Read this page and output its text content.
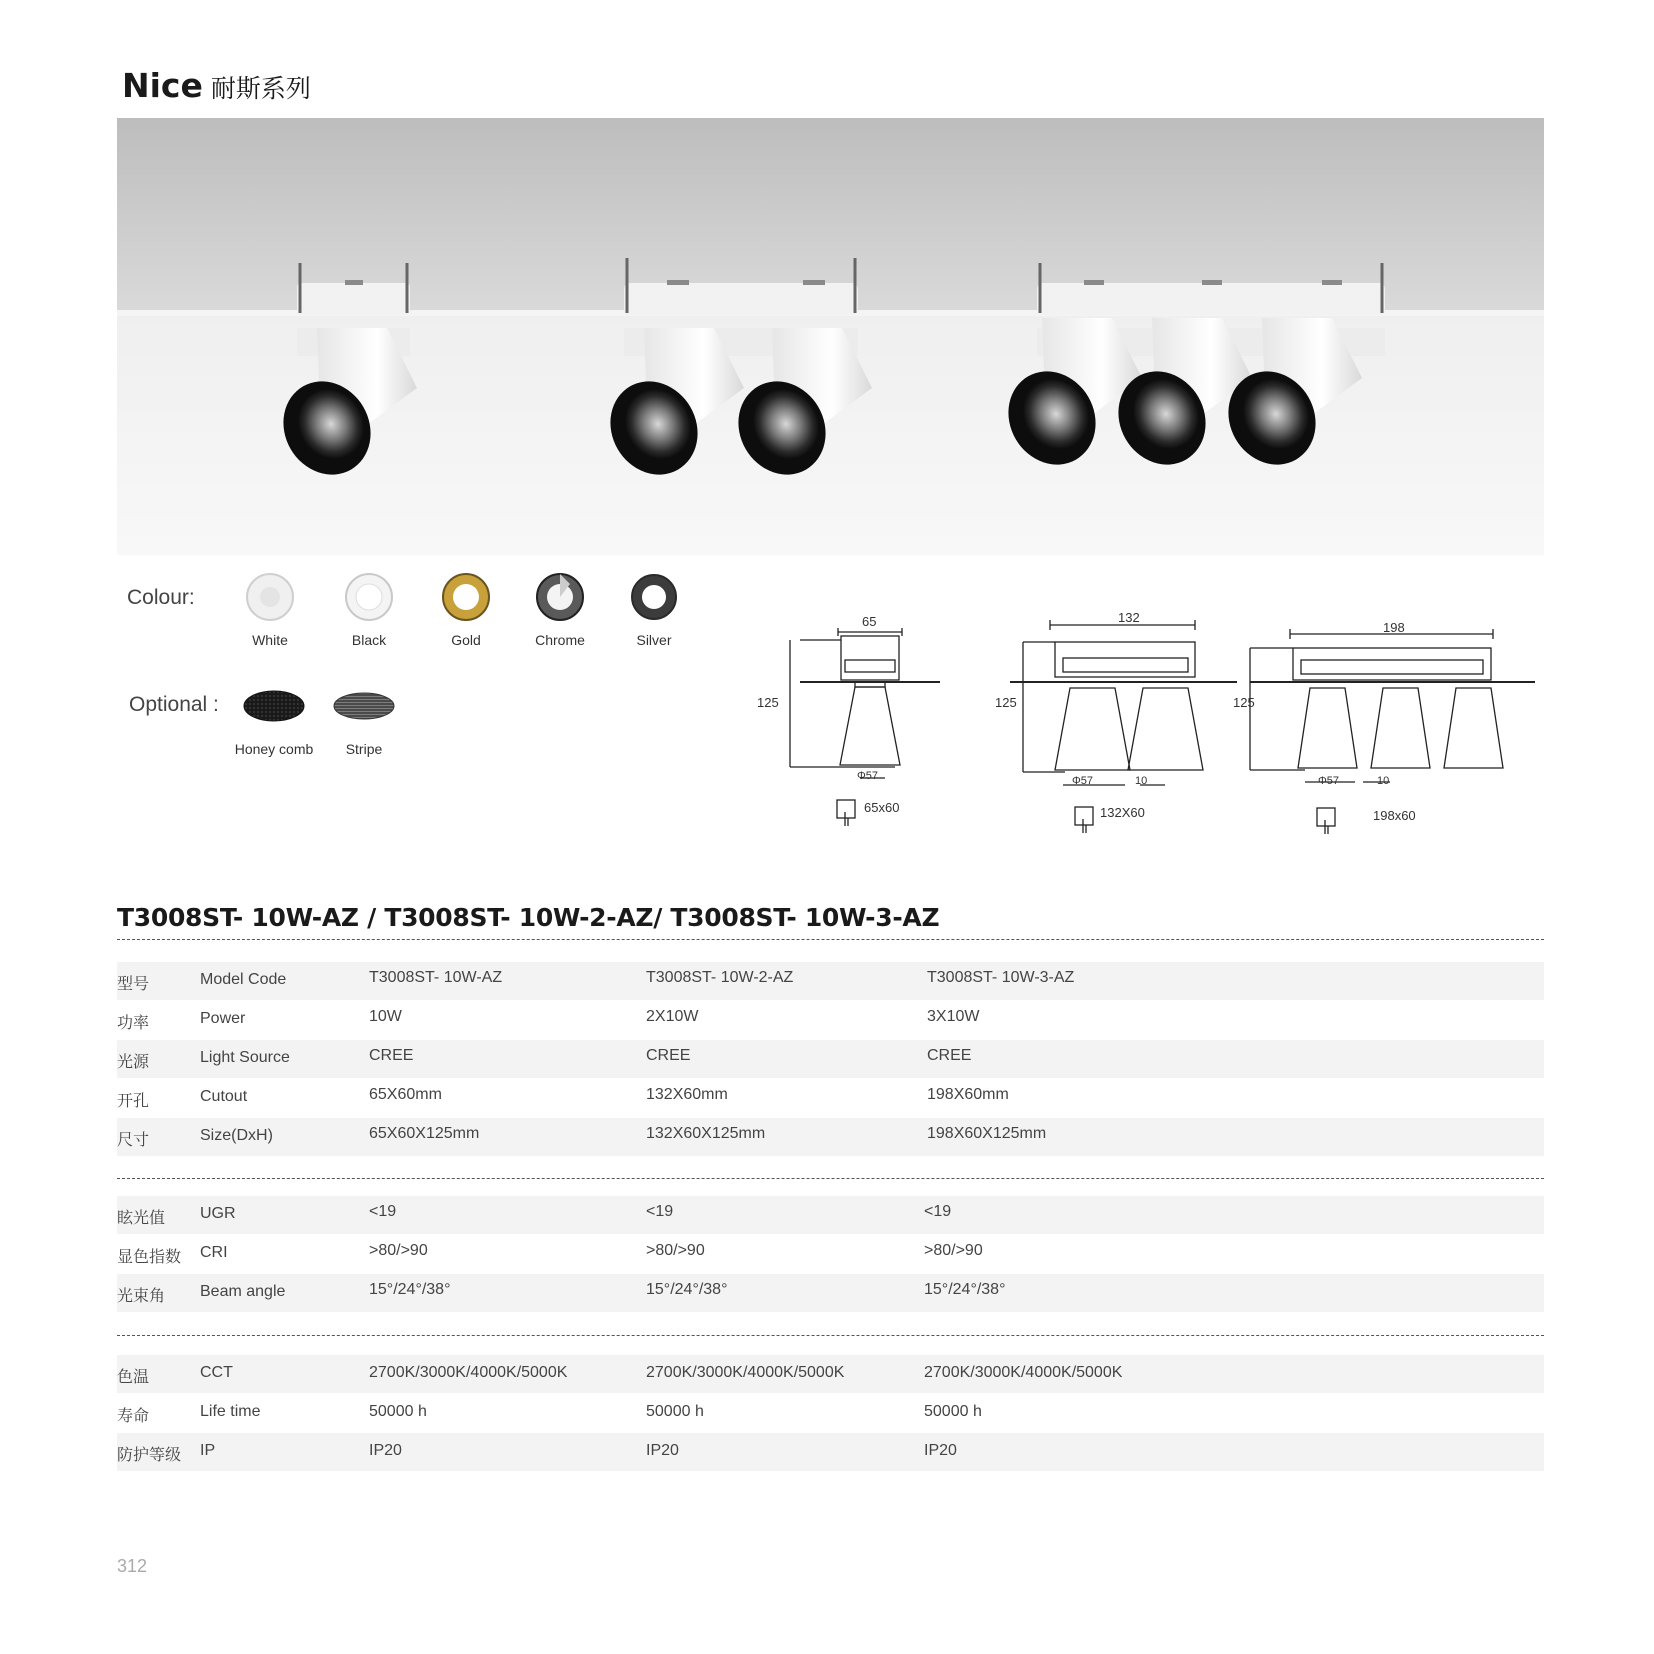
Nice 耐斯系列
Colour:
White	Black	Gold	Chrome	Silver
Optional :
Honey comb	Stripe
65
125
Φ57
65x60
132
125
Φ57	10
132X60
198
125
Φ57	10
198x60
T3008ST- 10W-AZ / T3008ST- 10W-2-AZ/ T3008ST- 10W-3-AZ
型号	Model Code	T3008ST- 10W-AZ	T3008ST- 10W-2-AZ	T3008ST- 10W-3-AZ
功率	Power	10W	2X10W	3X10W
光源	Light Source	CREE	CREE	CREE
开孔	Cutout	65X60mm	132X60mm	198X60mm
尺寸	Size(DxH)	65X60X125mm	132X60X125mm	198X60X125mm
眩光值 UGR	<19	<19	<19
显色指数 CRI	>80/>90	>80/>90	>80/>90
光束角 Beam angle	15°/24°/38°	15°/24°/38°	15°/24°/38°
色温	CCT	2700K/3000K/4000K/5000K	2700K/3000K/4000K/5000K	2700K/3000K/4000K/5000K
寿命	Life time	50000 h	50000 h	50000 h
防护等级 IP	IP20	IP20	IP20
312
